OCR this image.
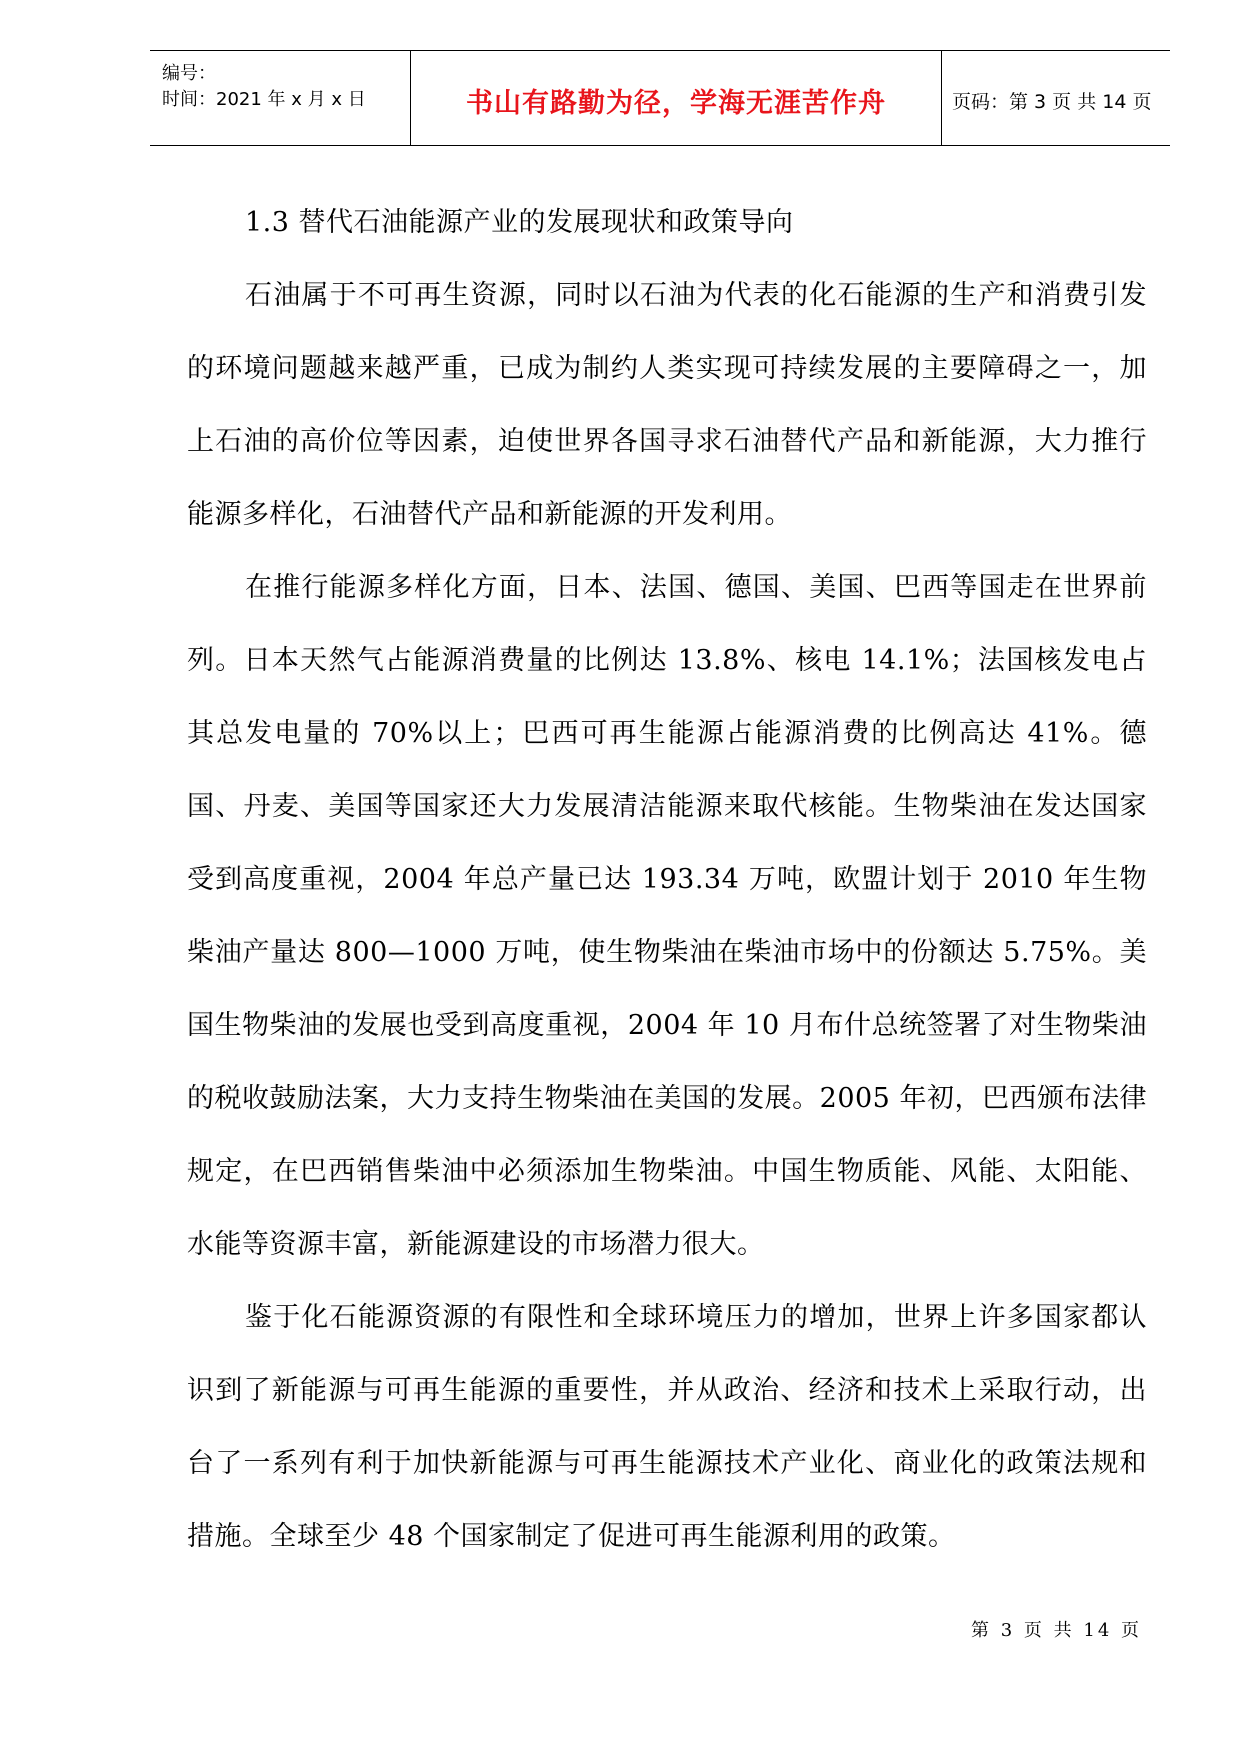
编号：
时间：2021 年 x 月 x 日	书山有路勤为径，学海无涯苦作舟	页码：第 3 页 共 14 页

1.3 替代石油能源产业的发展现状和政策导向

石油属于不可再生资源，同时以石油为代表的化石能源的生产和消费引发的环境问题越来越严重，已成为制约人类实现可持续发展的主要障碍之一，加上石油的高价位等因素，迫使世界各国寻求石油替代产品和新能源，大力推行能源多样化，石油替代产品和新能源的开发利用。

在推行能源多样化方面，日本、法国、德国、美国、巴西等国走在世界前列。日本天然气占能源消费量的比例达 13.8%、核电 14.1%；法国核发电占其总发电量的 70%以上；巴西可再生能源占能源消费的比例高达 41%。德国、丹麦、美国等国家还大力发展清洁能源来取代核能。生物柴油在发达国家受到高度重视，2004 年总产量已达 193.34 万吨，欧盟计划于 2010 年生物柴油产量达 800—1000 万吨，使生物柴油在柴油市场中的份额达 5.75%。美国生物柴油的发展也受到高度重视，2004 年 10 月布什总统签署了对生物柴油的税收鼓励法案，大力支持生物柴油在美国的发展。2005 年初，巴西颁布法律规定，在巴西销售柴油中必须添加生物柴油。中国生物质能、风能、太阳能、水能等资源丰富，新能源建设的市场潜力很大。

鉴于化石能源资源的有限性和全球环境压力的增加，世界上许多国家都认识到了新能源与可再生能源的重要性，并从政治、经济和技术上采取行动，出台了一系列有利于加快新能源与可再生能源技术产业化、商业化的政策法规和措施。全球至少 48 个国家制定了促进可再生能源利用的政策。

第 3 页 共 14 页
